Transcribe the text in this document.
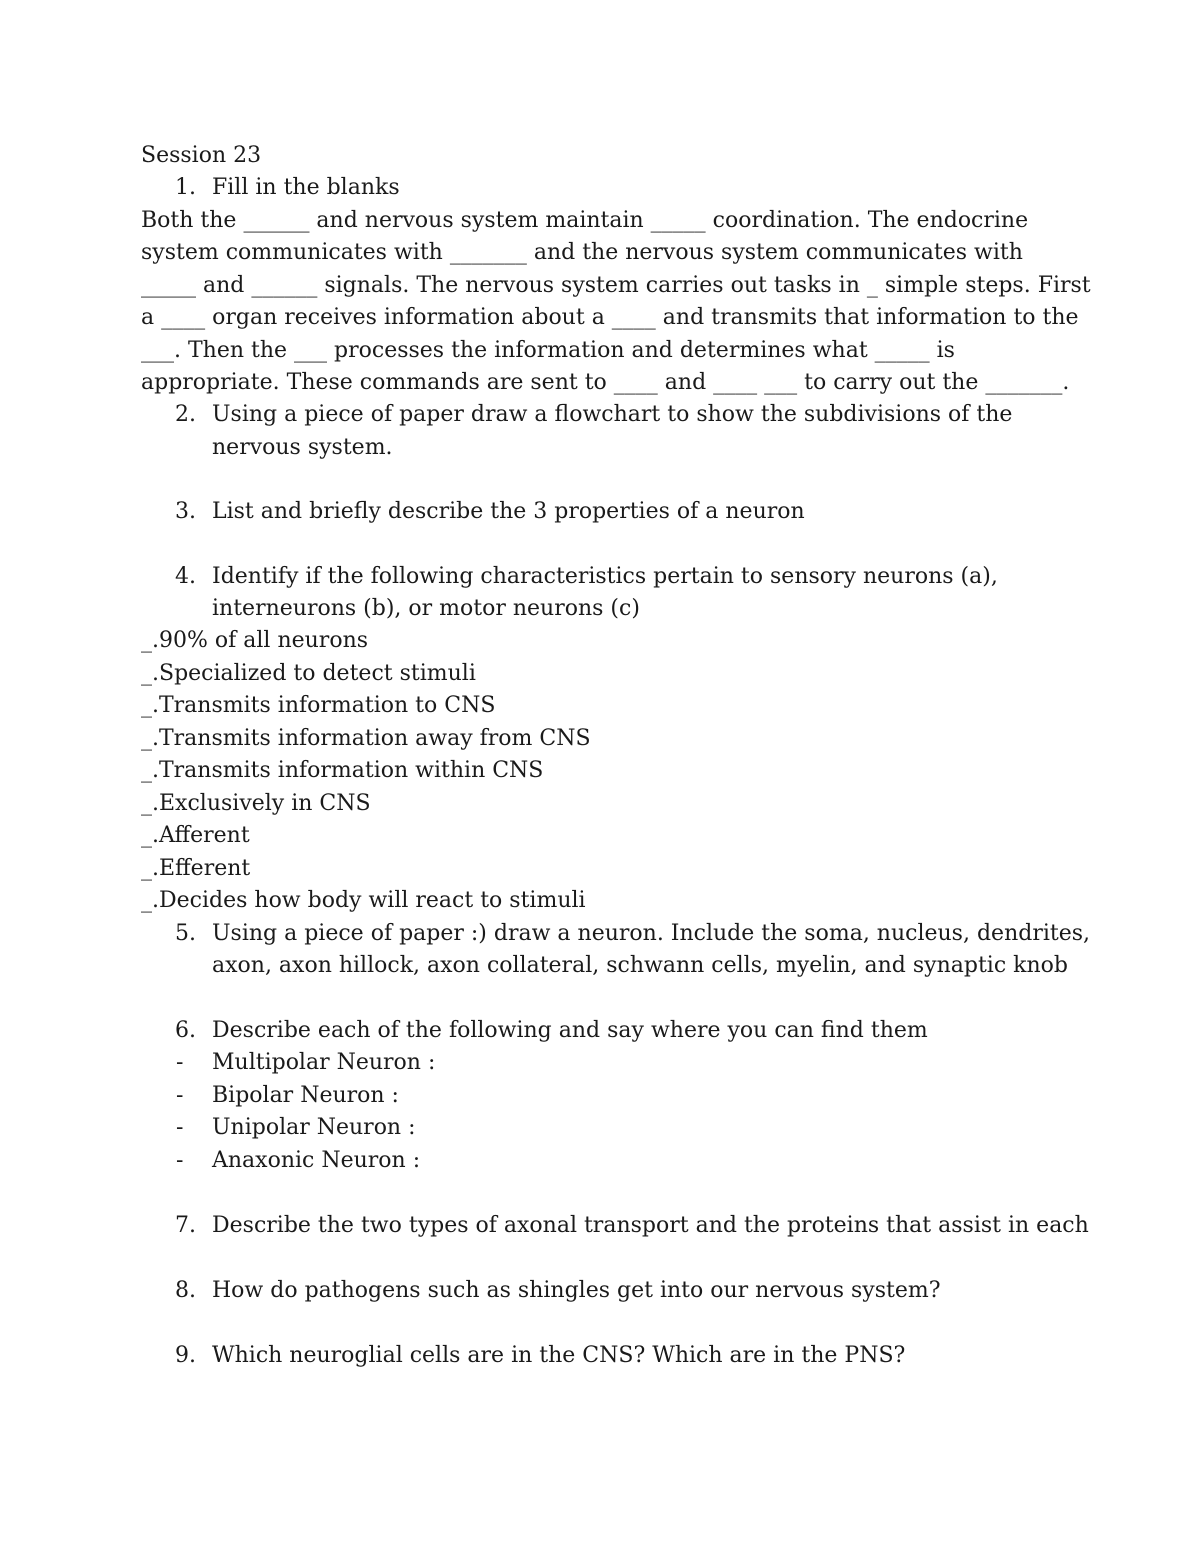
Session 23
1. Fill in the blanks
Both the ______ and nervous system maintain _____ coordination. The endocrine
system communicates with _______ and the nervous system communicates with
_____ and ______ signals. The nervous system carries out tasks in _ simple steps. First
a ____ organ receives information about a ____ and transmits that information to the
___. Then the ___ processes the information and determines what _____ is
appropriate. These commands are sent to ____ and ____ ___ to carry out the _______.
2. Using a piece of paper draw a flowchart to show the subdivisions of the
nervous system.
3. List and briefly describe the 3 properties of a neuron
4. Identify if the following characteristics pertain to sensory neurons (a),
interneurons (b), or motor neurons (c)
_.90% of all neurons
_.Specialized to detect stimuli
_.Transmits information to CNS
_.Transmits information away from CNS
_.Transmits information within CNS
_.Exclusively in CNS
_.Afferent
_.Efferent
_.Decides how body will react to stimuli
5. Using a piece of paper :) draw a neuron. Include the soma, nucleus, dendrites,
axon, axon hillock, axon collateral, schwann cells, myelin, and synaptic knob
6. Describe each of the following and say where you can find them
- Multipolar Neuron :
- Bipolar Neuron :
- Unipolar Neuron :
- Anaxonic Neuron :
7. Describe the two types of axonal transport and the proteins that assist in each
8. How do pathogens such as shingles get into our nervous system?
9. Which neuroglial cells are in the CNS? Which are in the PNS?
